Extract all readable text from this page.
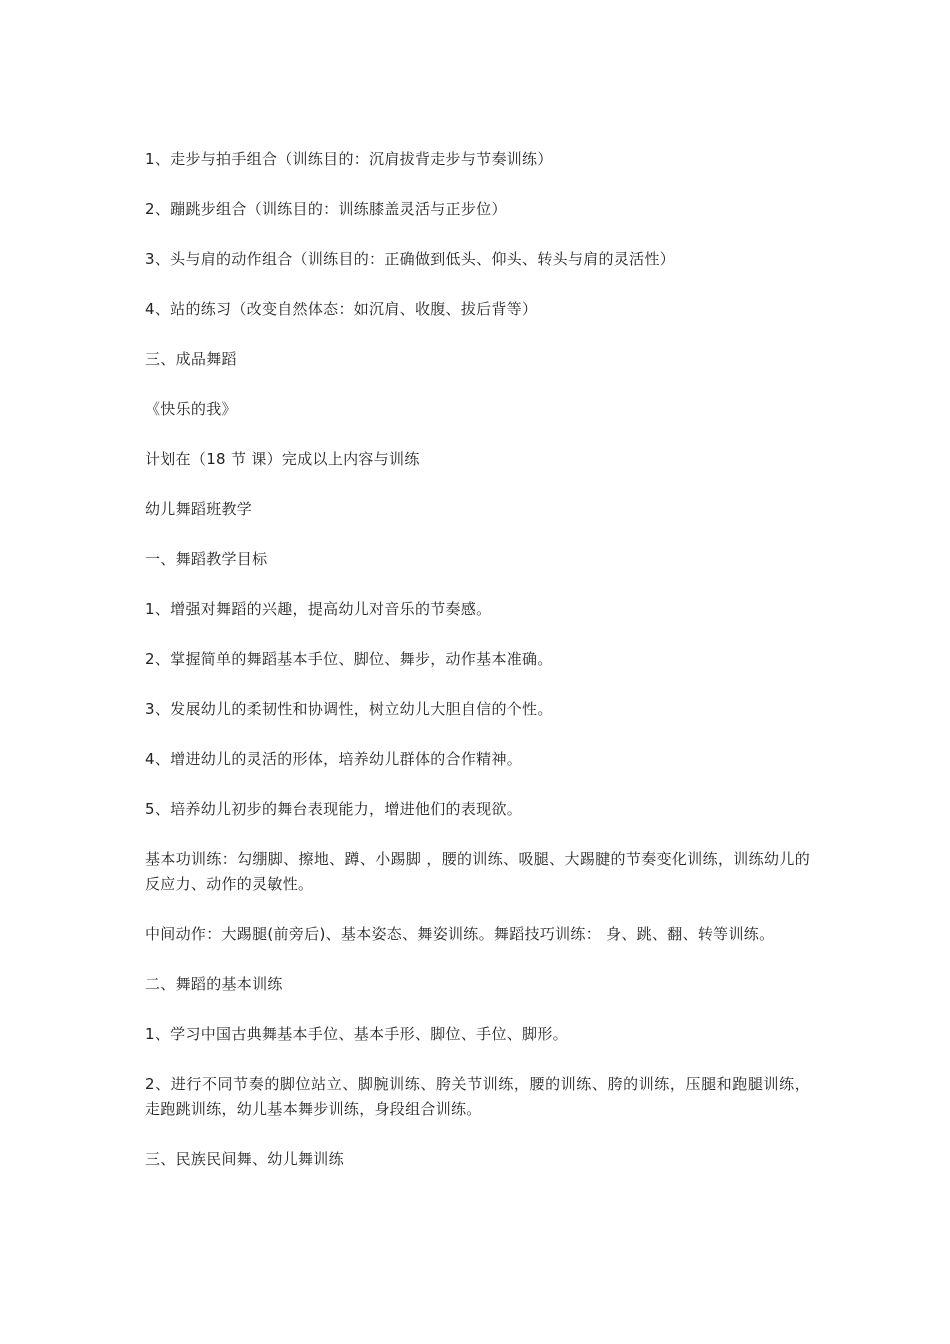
1、走步与拍手组合（训练目的：沉肩拔背走步与节奏训练）

2、蹦跳步组合（训练目的：训练膝盖灵活与正步位）

3、头与肩的动作组合（训练目的：正确做到低头、仰头、转头与肩的灵活性）

4、站的练习（改变自然体态：如沉肩、收腹、拔后背等）

三、成品舞蹈

《快乐的我》

计划在（18 节 课）完成以上内容与训练

幼儿舞蹈班教学

一、舞蹈教学目标

1、增强对舞蹈的兴趣，提高幼儿对音乐的节奏感。

2、掌握简单的舞蹈基本手位、脚位、舞步，动作基本准确。

3、发展幼儿的柔韧性和协调性，树立幼儿大胆自信的个性。

4、增进幼儿的灵活的形体，培养幼儿群体的合作精神。

5、培养幼儿初步的舞台表现能力，增进他们的表现欲。

基本功训练：勾绷脚、擦地、蹲、小踢脚 ，腰的训练、吸腿、大踢腱的节奏变化训练，训练幼儿的反应力、动作的灵敏性。

中间动作：大踢腿(前旁后)、基本姿态、舞姿训练。舞蹈技巧训练： 身、跳、翻、转等训练。

二、舞蹈的基本训练

1、学习中国古典舞基本手位、基本手形、脚位、手位、脚形。

2、进行不同节奏的脚位站立、脚腕训练、胯关节训练，腰的训练、胯的训练，压腿和跑腿训练，走跑跳训练，幼儿基本舞步训练，身段组合训练。

三、民族民间舞、幼儿舞训练
